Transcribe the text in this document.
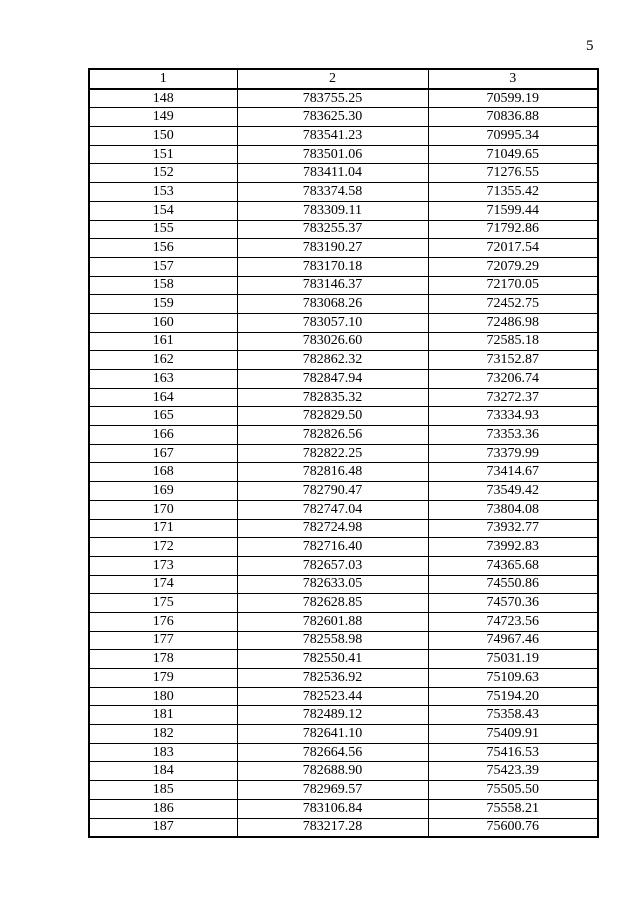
5
1	2	3
148	783755.25	70599.19
149	783625.30	70836.88
150	783541.23	70995.34
151	783501.06	71049.65
152	783411.04	71276.55
153	783374.58	71355.42
154	783309.11	71599.44
155	783255.37	71792.86
156	783190.27	72017.54
157	783170.18	72079.29
158	783146.37	72170.05
159	783068.26	72452.75
160	783057.10	72486.98
161	783026.60	72585.18
162	782862.32	73152.87
163	782847.94	73206.74
164	782835.32	73272.37
165	782829.50	73334.93
166	782826.56	73353.36
167	782822.25	73379.99
168	782816.48	73414.67
169	782790.47	73549.42
170	782747.04	73804.08
171	782724.98	73932.77
172	782716.40	73992.83
173	782657.03	74365.68
174	782633.05	74550.86
175	782628.85	74570.36
176	782601.88	74723.56
177	782558.98	74967.46
178	782550.41	75031.19
179	782536.92	75109.63
180	782523.44	75194.20
181	782489.12	75358.43
182	782641.10	75409.91
183	782664.56	75416.53
184	782688.90	75423.39
185	782969.57	75505.50
186	783106.84	75558.21
187	783217.28	75600.76
